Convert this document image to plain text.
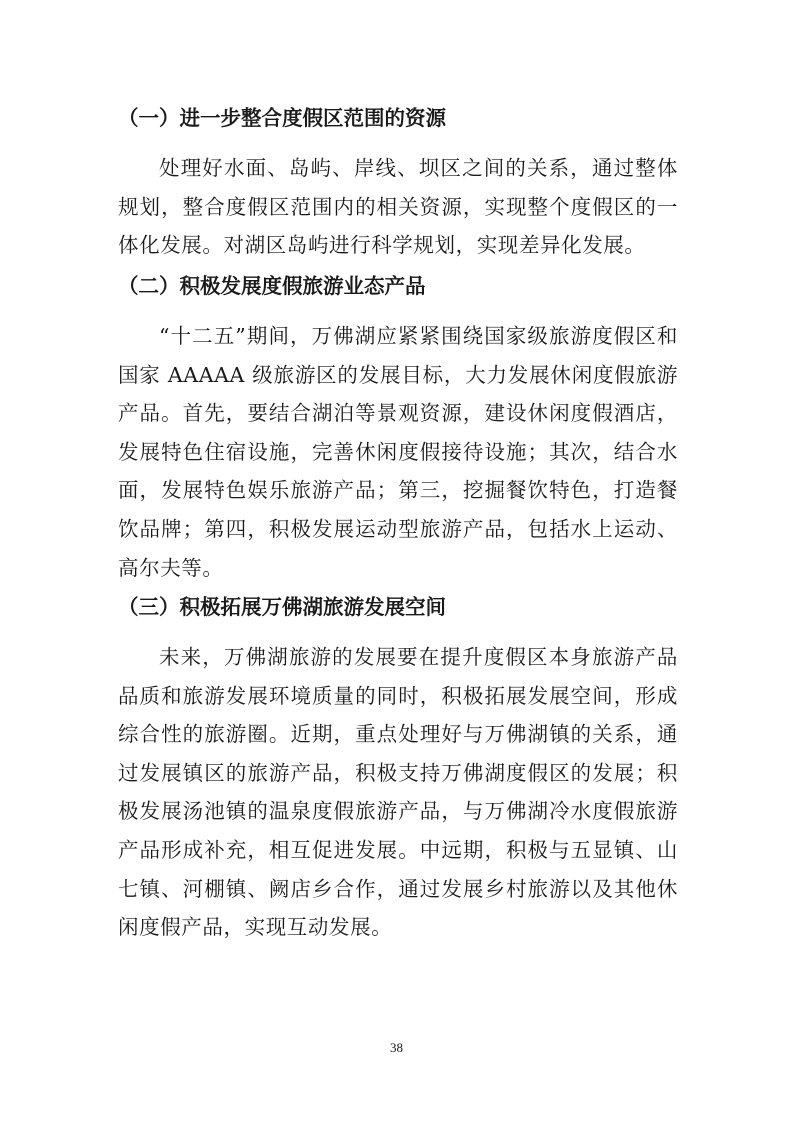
（一）进一步整合度假区范围的资源
处理好水面、岛屿、岸线、坝区之间的关系，通过整体规划，整合度假区范围内的相关资源，实现整个度假区的一体化发展。对湖区岛屿进行科学规划，实现差异化发展。
（二）积极发展度假旅游业态产品
“十二五”期间，万佛湖应紧紧围绕国家级旅游度假区和国家 AAAAA 级旅游区的发展目标，大力发展休闲度假旅游产品。首先，要结合湖泊等景观资源，建设休闲度假酒店，发展特色住宿设施，完善休闲度假接待设施；其次，结合水面，发展特色娱乐旅游产品；第三，挖掘餐饮特色，打造餐饮品牌；第四，积极发展运动型旅游产品，包括水上运动、高尔夫等。
（三）积极拓展万佛湖旅游发展空间
未来，万佛湖旅游的发展要在提升度假区本身旅游产品品质和旅游发展环境质量的同时，积极拓展发展空间，形成综合性的旅游圈。近期，重点处理好与万佛湖镇的关系，通过发展镇区的旅游产品，积极支持万佛湖度假区的发展；积极发展汤池镇的温泉度假旅游产品，与万佛湖冷水度假旅游产品形成补充，相互促进发展。中远期，积极与五显镇、山七镇、河棚镇、阙店乡合作，通过发展乡村旅游以及其他休闲度假产品，实现互动发展。
38
